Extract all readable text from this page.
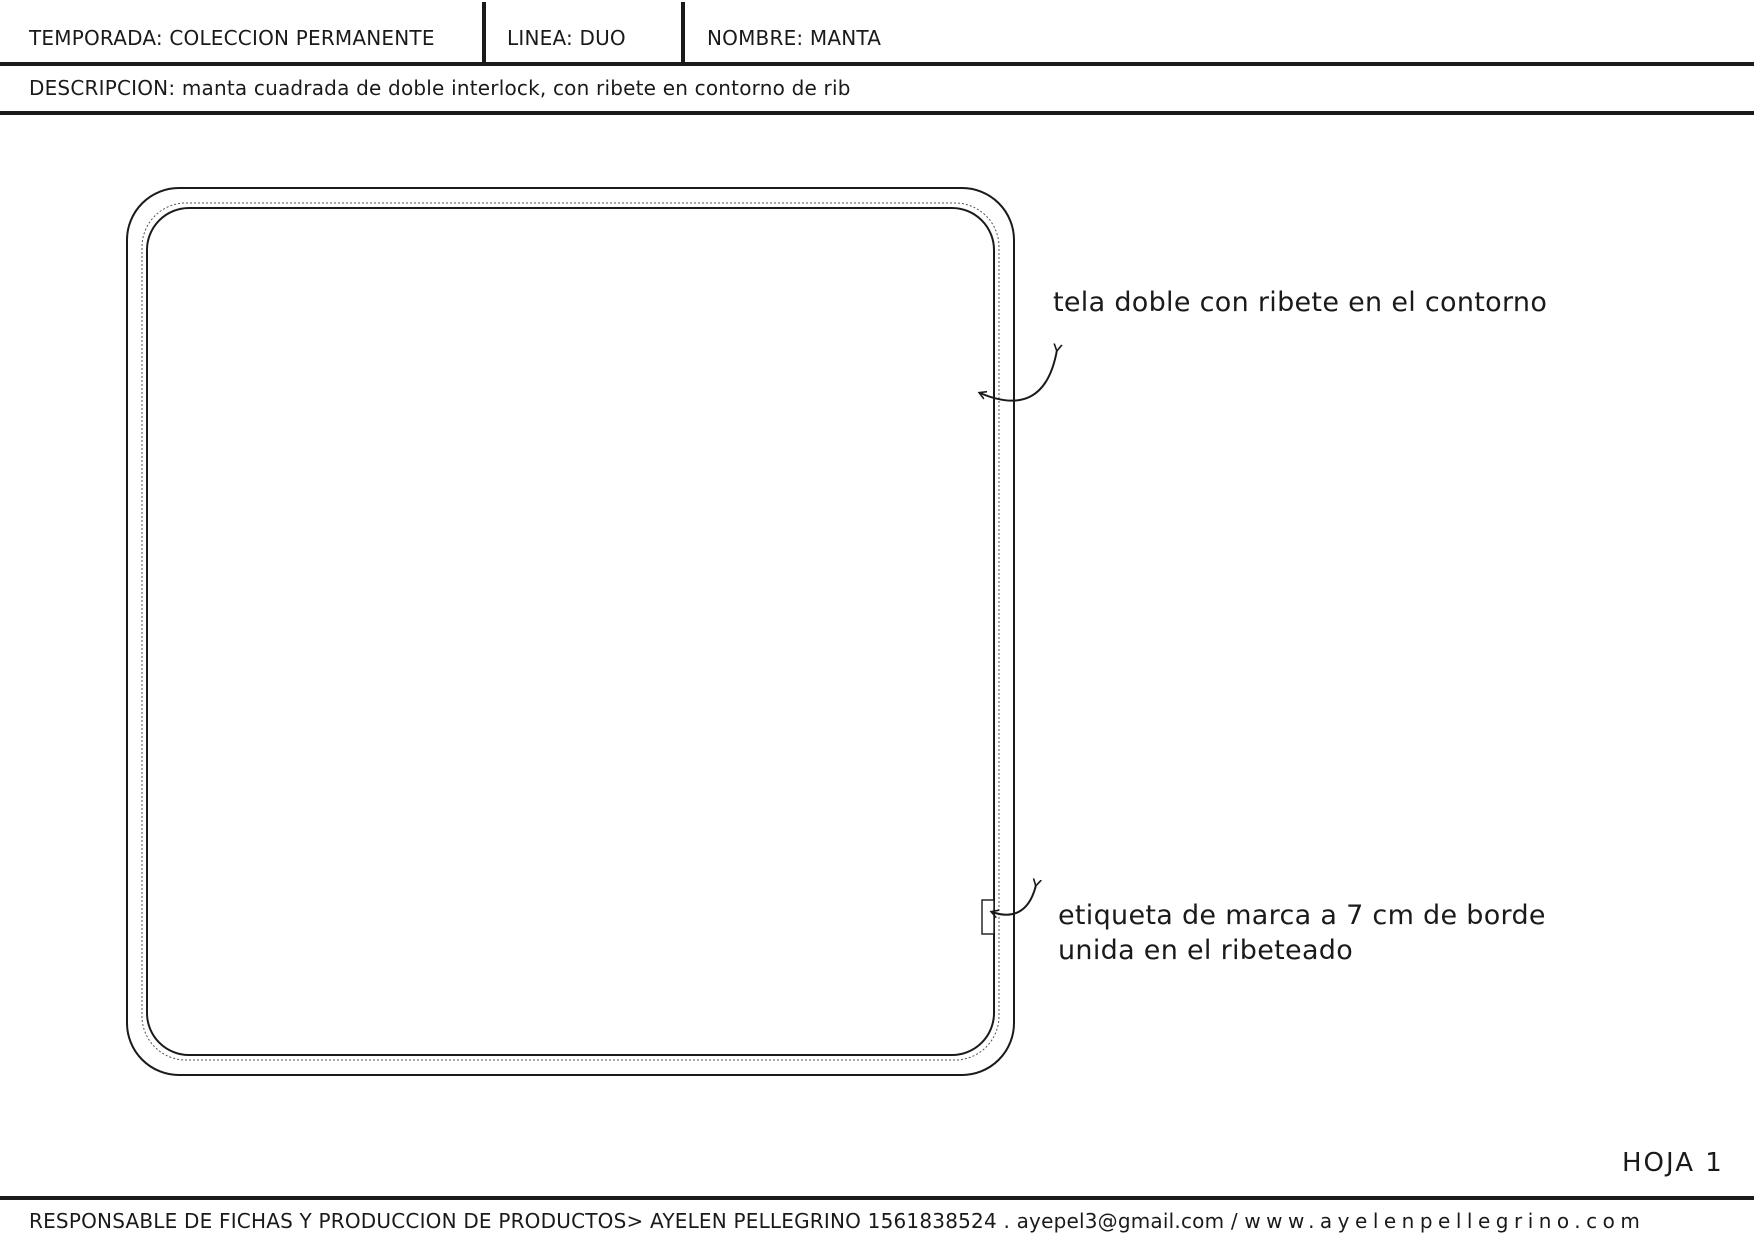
TEMPORADA: COLECCION PERMANENTE	LINEA: DUO	NOMBRE: MANTA
DESCRIPCION: manta cuadrada de doble interlock, con ribete en contorno de rib
tela doble con ribete en el contorno
etiqueta de marca a 7 cm de borde
unida en el ribeteado
HOJA 1
RESPONSABLE DE FICHAS Y PRODUCCION DE PRODUCTOS> AYELEN PELLEGRINO 1561838524 . ayepel3@gmail.com / www.ayelenpellegrino.com
